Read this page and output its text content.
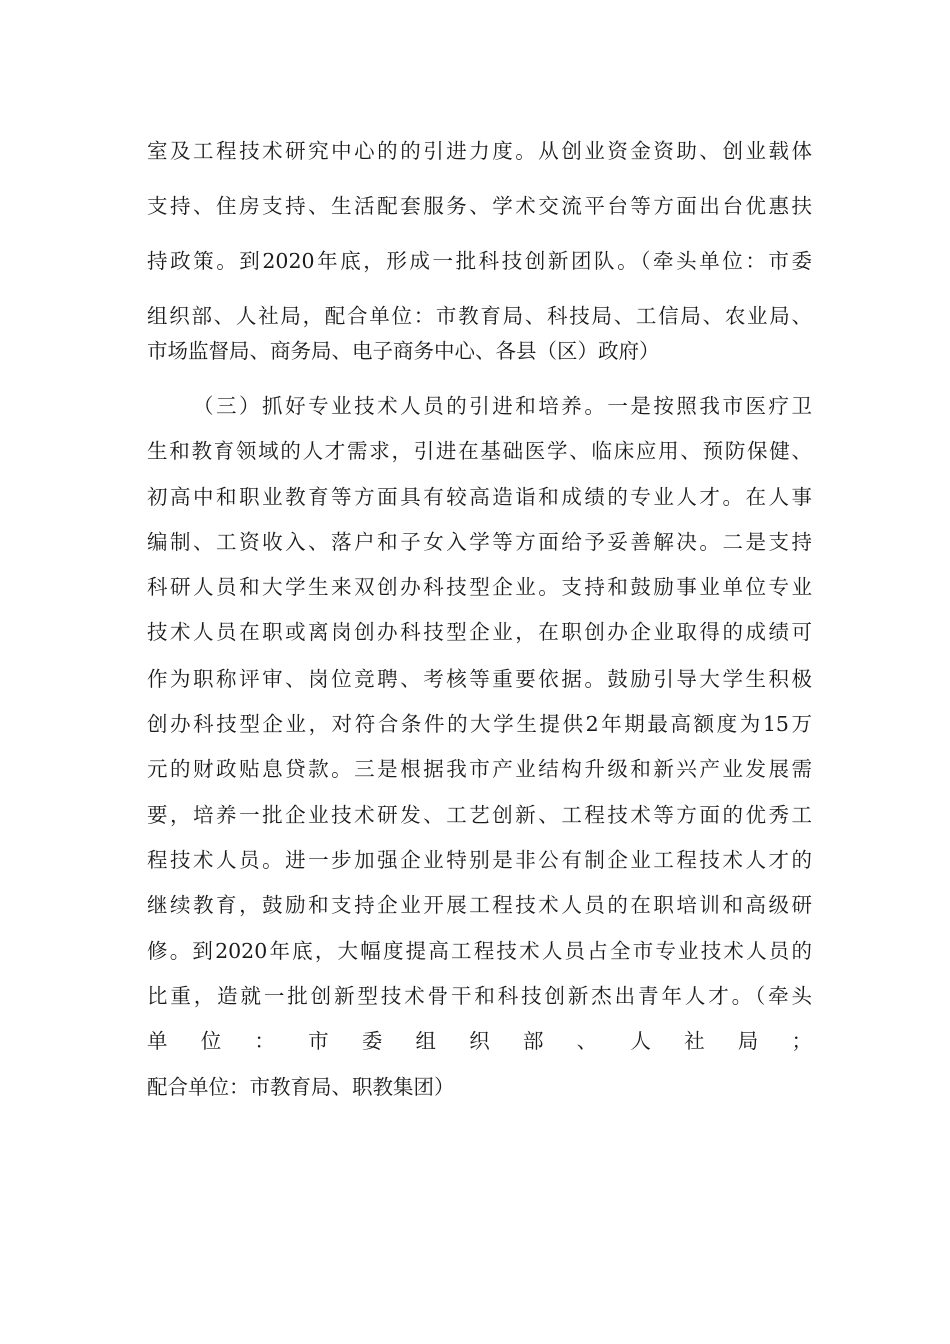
室及工程技术研究中心的的引进力度。从创业资金资助、创业载体
支持、住房支持、生活配套服务、学术交流平台等方面出台优惠扶
持政策。到2020年底，形成一批科技创新团队。（牵头单位：市委
组织部、人社局，配合单位：市教育局、科技局、工信局、农业局、
市场监督局、商务局、电子商务中心、各县（区）政府）
（三）抓好专业技术人员的引进和培养。一是按照我市医疗卫
生和教育领域的人才需求，引进在基础医学、临床应用、预防保健、
初高中和职业教育等方面具有较高造诣和成绩的专业人才。在人事
编制、工资收入、落户和子女入学等方面给予妥善解决。二是支持
科研人员和大学生来双创办科技型企业。支持和鼓励事业单位专业
技术人员在职或离岗创办科技型企业，在职创办企业取得的成绩可
作为职称评审、岗位竞聘、考核等重要依据。鼓励引导大学生积极
创办科技型企业，对符合条件的大学生提供2年期最高额度为15万
元的财政贴息贷款。三是根据我市产业结构升级和新兴产业发展需
要，培养一批企业技术研发、工艺创新、工程技术等方面的优秀工
程技术人员。进一步加强企业特别是非公有制企业工程技术人才的
继续教育，鼓励和支持企业开展工程技术人员的在职培训和高级研
修。到2020年底，大幅度提高工程技术人员占全市专业技术人员的
比重，造就一批创新型技术骨干和科技创新杰出青年人才。（牵头
单位：市委组织部、人社局；
配合单位：市教育局、职教集团）
